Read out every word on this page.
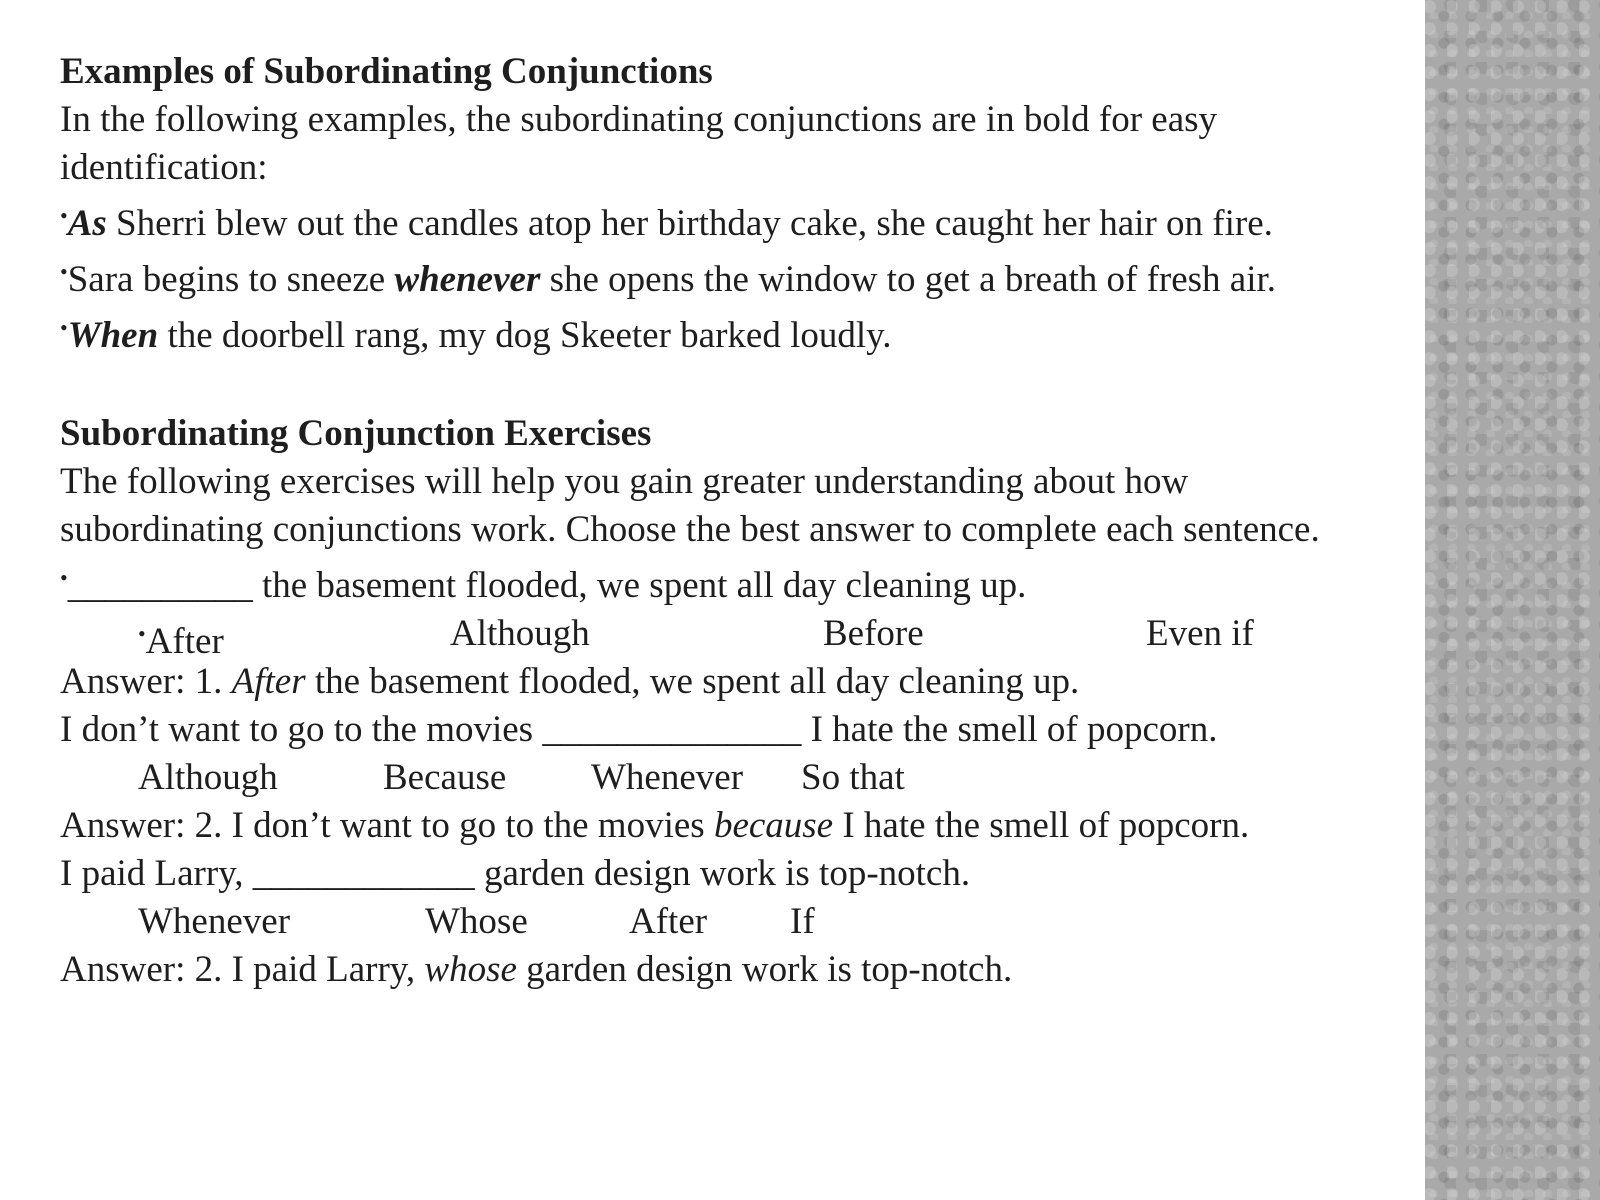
Examples of Subordinating Conjunctions
In the following examples, the subordinating conjunctions are in bold for easy identification:
•As Sherri blew out the candles atop her birthday cake, she caught her hair on fire.
•Sara begins to sneeze whenever she opens the window to get a breath of fresh air.
•When the doorbell rang, my dog Skeeter barked loudly.
Subordinating Conjunction Exercises
The following exercises will help you gain greater understanding about how subordinating conjunctions work. Choose the best answer to complete each sentence.
•__________ the basement flooded, we spent all day cleaning up.
•After	Although	Before	Even if
Answer: 1. After the basement flooded, we spent all day cleaning up.
I don’t want to go to the movies ______________ I hate the smell of popcorn.
Although	Because Whenever So that
Answer: 2. I don’t want to go to the movies because I hate the smell of popcorn.
I paid Larry, ____________ garden design work is top-notch.
Whenever	Whose	After If
Answer: 2. I paid Larry, whose garden design work is top-notch.
